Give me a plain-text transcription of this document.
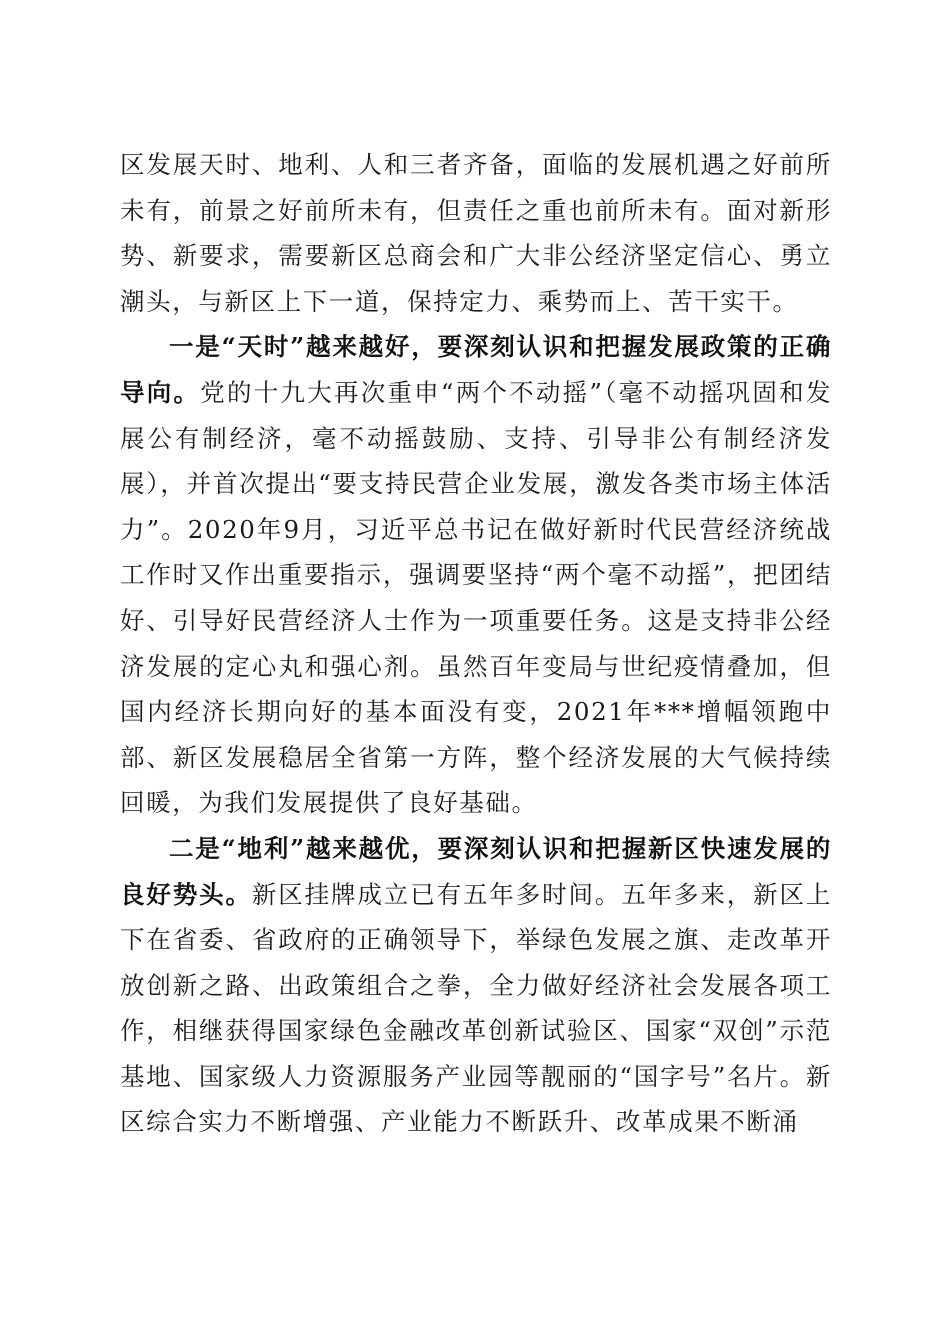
区发展天时、地利、人和三者齐备，面临的发展机遇之好前所未有，前景之好前所未有，但责任之重也前所未有。面对新形势、新要求，需要新区总商会和广大非公经济坚定信心、勇立潮头，与新区上下一道，保持定力、乘势而上、苦干实干。

一是“天时”越来越好，要深刻认识和把握发展政策的正确导向。党的十九大再次重申“两个不动摇”（毫不动摇巩固和发展公有制经济，毫不动摇鼓励、支持、引导非公有制经济发展），并首次提出“要支持民营企业发展，激发各类市场主体活力”。2020年9月，习近平总书记在做好新时代民营经济统战工作时又作出重要指示，强调要坚持“两个毫不动摇”，把团结好、引导好民营经济人士作为一项重要任务。这是支持非公经济发展的定心丸和强心剂。虽然百年变局与世纪疫情叠加，但国内经济长期向好的基本面没有变，2021年***增幅领跑中部、新区发展稳居全省第一方阵，整个经济发展的大气候持续回暖，为我们发展提供了良好基础。

二是“地利”越来越优，要深刻认识和把握新区快速发展的良好势头。新区挂牌成立已有五年多时间。五年多来，新区上下在省委、省政府的正确领导下，举绿色发展之旗、走改革开放创新之路、出政策组合之拳，全力做好经济社会发展各项工作，相继获得国家绿色金融改革创新试验区、国家“双创”示范基地、国家级人力资源服务产业园等靓丽的“国字号”名片。新区综合实力不断增强、产业能力不断跃升、改革成果不断涌
